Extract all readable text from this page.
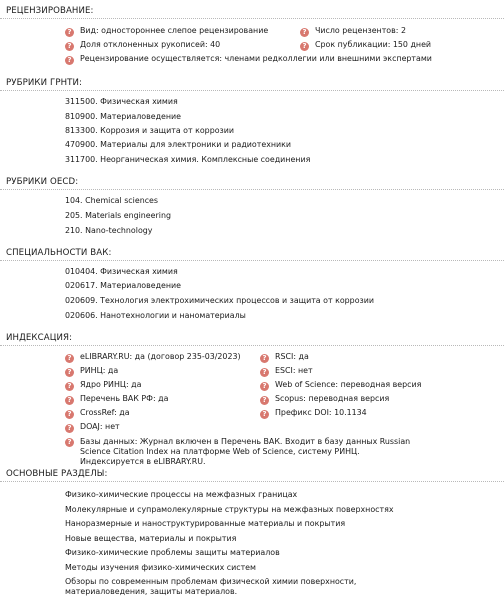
РЕЦЕНЗИРОВАНИЕ:
? Вид: одностороннее слепое рецензирование
? Доля отклоненных рукописей: 40
? Рецензирование осуществляется: членами редколлегии или внешними экспертами
? Число рецензентов: 2
? Срок публикации: 150 дней
РУБРИКИ ГРНТИ:
311500. Физическая химия
810900. Материаловедение
813300. Коррозия и защита от коррозии
470900. Материалы для электроники и радиотехники
311700. Неорганическая химия. Комплексные соединения
РУБРИКИ OECD:
104. Chemical sciences
205. Materials engineering
210. Nano-technology
СПЕЦИАЛЬНОСТИ ВАК:
010404. Физическая химия
020617. Материаловедение
020609. Технология электрохимических процессов и защита от коррозии
020606. Нанотехнологии и наноматериалы
ИНДЕКСАЦИЯ:
? eLIBRARY.RU: да (договор 235-03/2023)
? РИНЦ: да
? Ядро РИНЦ: да
? Перечень ВАК РФ: да
? CrossRef: да
? DOAJ: нет
? RSCI: да
? ESCI: нет
? Web of Science: переводная версия
? Scopus: переводная версия
? Префикс DOI: 10.1134
?	Базы данных: Журнал включен в Перечень ВАК. Входит в базу данных Russian Science Citation Index на платформе Web of Science, систему РИНЦ. Индексируется в eLIBRARY.RU.
ОСНОВНЫЕ РАЗДЕЛЫ:
Физико-химические процессы на межфазных границах
Молекулярные и супрамолекулярные структуры на межфазных поверхностях
Наноразмерные и наноструктурированные материалы и покрытия
Новые вещества, материалы и покрытия
Физико-химические проблемы защиты материалов
Методы изучения физико-химических систем
Обзоры по современным проблемам физической химии поверхности, материаловедения, защиты материалов.
